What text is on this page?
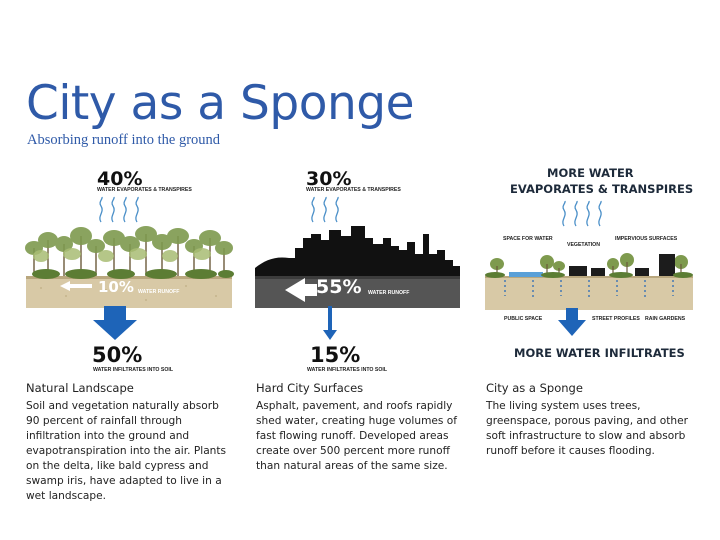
City as a Sponge
Absorbing runoff into the ground
40%
WATER EVAPORATES & TRANSPIRES
10% WATER RUNOFF
50%
WATER INFILTRATES INTO SOIL
Natural Landscape
Soil and vegetation naturally absorb 90 percent of rainfall through infiltration into the ground and evapotranspiration into the air. Plants on the delta, like bald cypress and swamp iris, have adapted to live in a wet landscape.
30%
WATER EVAPORATES & TRANSPIRES
55% WATER RUNOFF
15%
WATER INFILTRATES INTO SOIL
Hard City Surfaces
Asphalt, pavement, and roofs rapidly shed water, creating huge volumes of fast flowing runoff. Developed areas create over 500 percent more runoff than natural areas of the same size.
MORE WATER
EVAPORATES & TRANSPIRES
SPACE FOR WATER
VEGETATION
IMPERVIOUS SURFACES
PUBLIC SPACE	STREET PROFILES RAIN GARDENS
MORE WATER INFILTRATES
City as a Sponge
The living system uses trees, greenspace, porous paving, and other soft infrastructure to slow and absorb runoff before it causes flooding.
